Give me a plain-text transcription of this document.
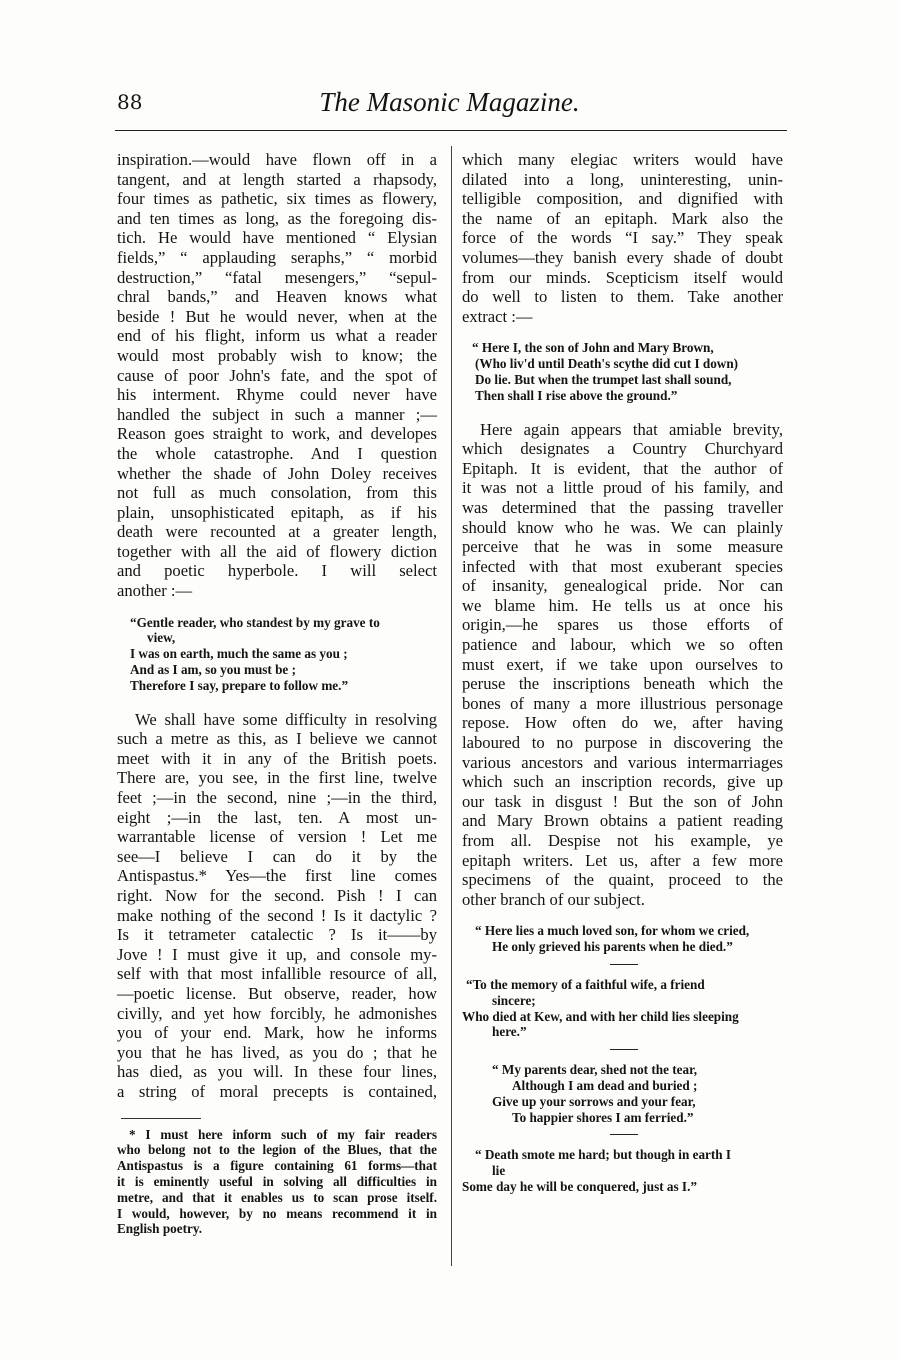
88	The Masonic Magazine.
inspiration.—would have flown off in a
tangent, and at length started a rhapsody,
four times as pathetic, six times as flowery,
and ten times as long, as the foregoing dis-
tich. He would have mentioned “ Elysian
fields,” “ applauding seraphs,” “ morbid
destruction,” “fatal mesengers,” “sepul-
chral bands,” and Heaven knows what
beside ! But he would never, when at the
end of his flight, inform us what a reader
would most probably wish to know; the
cause of poor John's fate, and the spot of
his interment. Rhyme could never have
handled the subject in such a manner ;—
Reason goes straight to work, and developes
the whole catastrophe. And I question
whether the shade of John Doley receives
not full as much consolation, from this
plain, unsophisticated epitaph, as if his
death were recounted at a greater length,
together with all the aid of flowery diction
and poetic hyperbole. I will select
another :—
“Gentle reader, who standest by my grave to
view,
I was on earth, much the same as you ;
And as I am, so you must be ;
Therefore I say, prepare to follow me.”
We shall have some difficulty in resolving
such a metre as this, as I believe we cannot
meet with it in any of the British poets.
There are, you see, in the first line, twelve
feet ;—in the second, nine ;—in the third,
eight ;—in the last, ten. A most un-
warrantable license of version ! Let me
see—I believe I can do it by the
Antispastus.* Yes—the first line comes
right. Now for the second. Pish ! I can
make nothing of the second ! Is it dactylic ?
Is it tetrameter catalectic ? Is it——by
Jove ! I must give it up, and console my-
self with that most infallible resource of all,
—poetic license. But observe, reader, how
civilly, and yet how forcibly, he admonishes
you of your end. Mark, how he informs
you that he has lived, as you do ; that he
has died, as you will. In these four lines,
a string of moral precepts is contained,
* I must here inform such of my fair readers
who belong not to the legion of the Blues, that the
Antispastus is a figure containing 61 forms—that
it is eminently useful in solving all difficulties in
metre, and that it enables us to scan prose itself.
I would, however, by no means recommend it in
English poetry.
which many elegiac writers would have
dilated into a long, uninteresting, unin-
telligible composition, and dignified with
the name of an epitaph. Mark also the
force of the words “I say.” They speak
volumes—they banish every shade of doubt
from our minds. Scepticism itself would
do well to listen to them. Take another
extract :—
“ Here I, the son of John and Mary Brown,
(Who liv'd until Death's scythe did cut I down)
Do lie. But when the trumpet last shall sound,
Then shall I rise above the ground.”
Here again appears that amiable brevity,
which designates a Country Churchyard
Epitaph. It is evident, that the author of
it was not a little proud of his family, and
was determined that the passing traveller
should know who he was. We can plainly
perceive that he was in some measure
infected with that most exuberant species
of insanity, genealogical pride. Nor can
we blame him. He tells us at once his
origin,—he spares us those efforts of
patience and labour, which we so often
must exert, if we take upon ourselves to
peruse the inscriptions beneath which the
bones of many a more illustrious personage
repose. How often do we, after having
laboured to no purpose in discovering the
various ancestors and various intermarriages
which such an inscription records, give up
our task in disgust ! But the son of John
and Mary Brown obtains a patient reading
from all. Despise not his example, ye
epitaph writers. Let us, after a few more
specimens of the quaint, proceed to the
other branch of our subject.
“ Here lies a much loved son, for whom we cried,
He only grieved his parents when he died.”
“To the memory of a faithful wife, a friend
sincere;
Who died at Kew, and with her child lies sleeping
here.”
“ My parents dear, shed not the tear,
Although I am dead and buried ;
Give up your sorrows and your fear,
To happier shores I am ferried.”
“ Death smote me hard; but though in earth I
lie
Some day he will be conquered, just as I.”
